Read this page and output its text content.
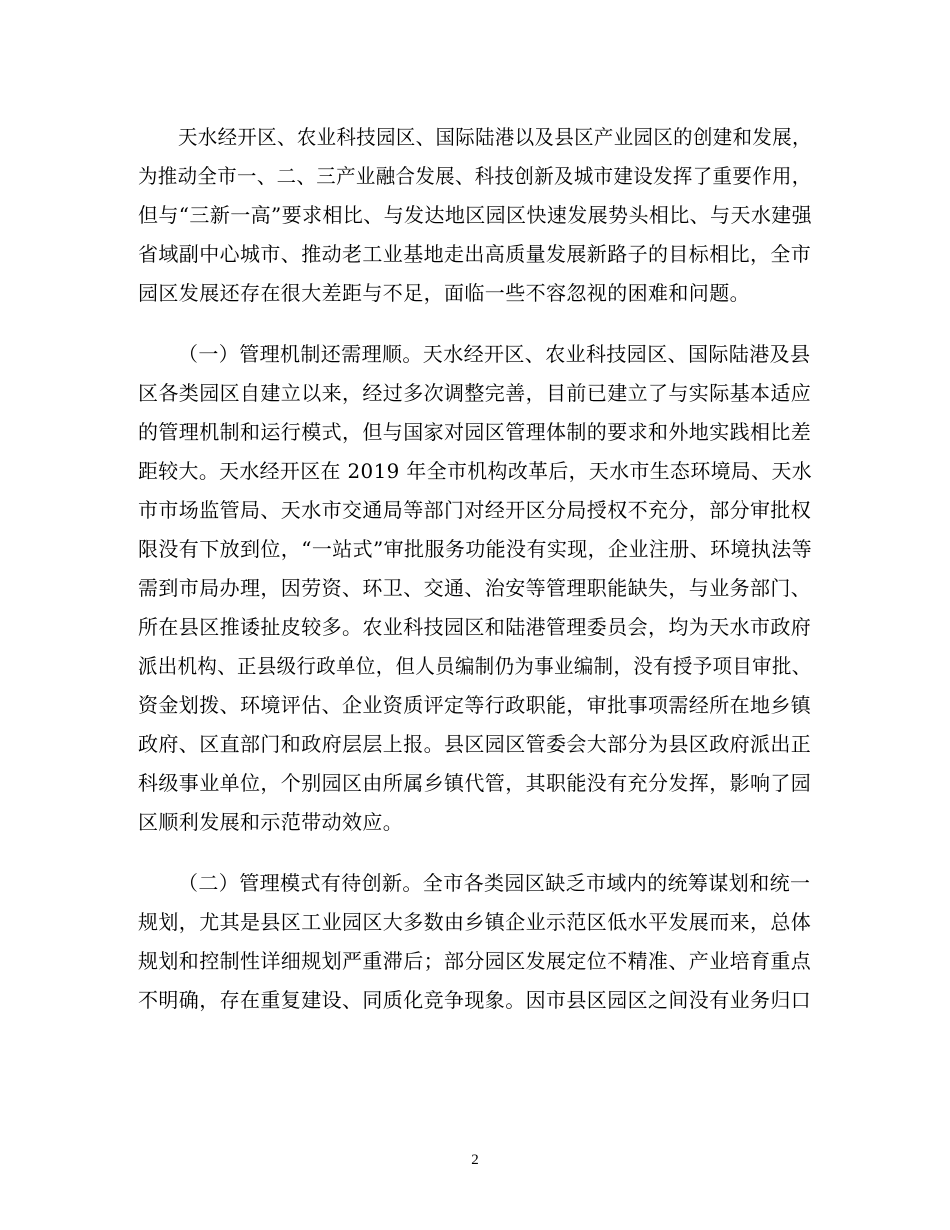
天水经开区、农业科技园区、国际陆港以及县区产业园区的创建和发展，
为推动全市一、二、三产业融合发展、科技创新及城市建设发挥了重要作用，
但与“三新一高”要求相比、与发达地区园区快速发展势头相比、与天水建强
省域副中心城市、推动老工业基地走出高质量发展新路子的目标相比，全市
园区发展还存在很大差距与不足，面临一些不容忽视的困难和问题。
（一）管理机制还需理顺。天水经开区、农业科技园区、国际陆港及县
区各类园区自建立以来，经过多次调整完善，目前已建立了与实际基本适应
的管理机制和运行模式，但与国家对园区管理体制的要求和外地实践相比差
距较大。天水经开区在 2019 年全市机构改革后，天水市生态环境局、天水
市市场监管局、天水市交通局等部门对经开区分局授权不充分，部分审批权
限没有下放到位，“一站式”审批服务功能没有实现，企业注册、环境执法等
需到市局办理，因劳资、环卫、交通、治安等管理职能缺失，与业务部门、
所在县区推诿扯皮较多。农业科技园区和陆港管理委员会，均为天水市政府
派出机构、正县级行政单位，但人员编制仍为事业编制，没有授予项目审批、
资金划拨、环境评估、企业资质评定等行政职能，审批事项需经所在地乡镇
政府、区直部门和政府层层上报。县区园区管委会大部分为县区政府派出正
科级事业单位，个别园区由所属乡镇代管，其职能没有充分发挥，影响了园
区顺利发展和示范带动效应。
（二）管理模式有待创新。全市各类园区缺乏市域内的统筹谋划和统一
规划，尤其是县区工业园区大多数由乡镇企业示范区低水平发展而来，总体
规划和控制性详细规划严重滞后；部分园区发展定位不精准、产业培育重点
不明确，存在重复建设、同质化竞争现象。因市县区园区之间没有业务归口
2
